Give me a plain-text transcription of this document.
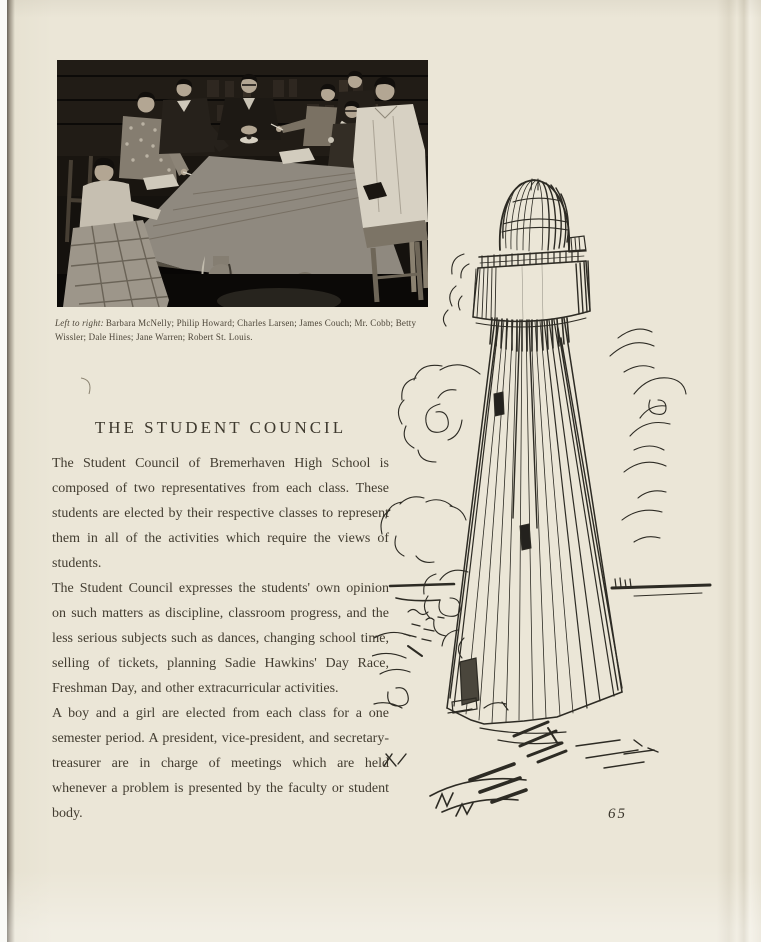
Left to right: Barbara McNelly; Philip Howard; Charles Larsen; James Couch; Mr. Cobb; Betty Wissler; Dale Hines; Jane Warren; Robert St. Louis.

THE STUDENT COUNCIL

The Student Council of Bremerhaven High School is composed of two representatives from each class. These students are elected by their respective classes to represent them in all of the activities which require the views of students.

The Student Council expresses the students' own opinion on such matters as discipline, classroom progress, and the less serious subjects such as dances, changing school time, selling of tickets, planning Sadie Hawkins' Day Race, Freshman Day, and other extracurricular activities.

A boy and a girl are elected from each class for a one semester period. A president, vice-president, and secretary-treasurer are in charge of meetings which are held whenever a problem is presented by the faculty or student body.	65
